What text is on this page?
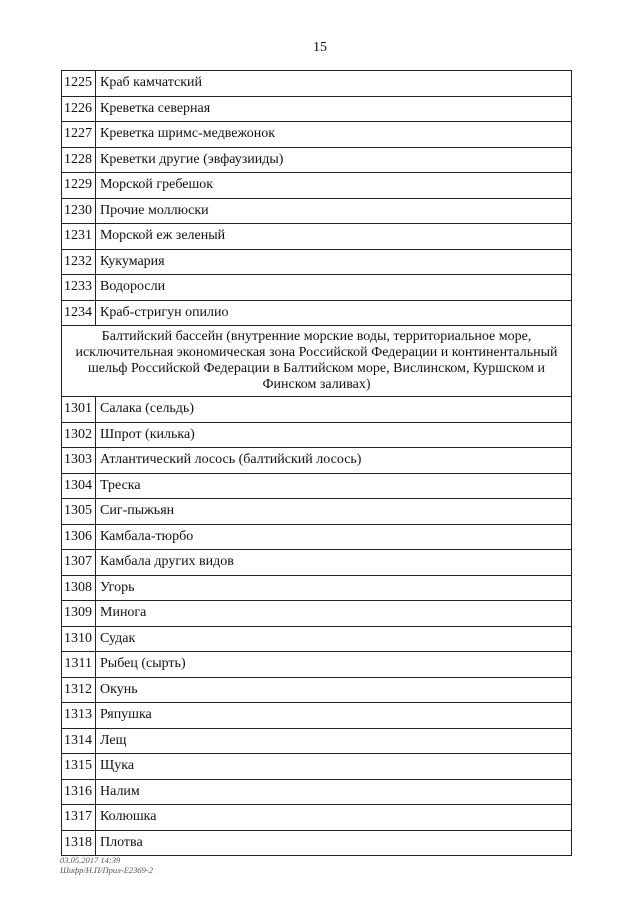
15
1225	Краб камчатский
1226	Креветка северная
1227	Креветка шримс-медвежонок
1228	Креветки другие (эвфаузииды)
1229	Морской гребешок
1230	Прочие моллюски
1231	Морской еж зеленый
1232	Кукумария
1233	Водоросли
1234	Краб-стригун опилио
Балтийский бассейн (внутренние морские воды, территориальное море, исключительная экономическая зона Российской Федерации и континентальный шельф Российской Федерации в Балтийском море, Вислинском, Куршском и Финском заливах)	
1301	Салака (сельдь)
1302	Шпрот (килька)
1303	Атлантический лосось (балтийский лосось)
1304	Треска
1305	Сиг-пыжьян
1306	Камбала-тюрбо
1307	Камбала других видов
1308	Угорь
1309	Минога
1310	Судак
1311	Рыбец (сырть)
1312	Окунь
1313	Ряпушка
1314	Лещ
1315	Щука
1316	Налим
1317	Колюшка
1318	Плотва
03.05.2017 14:39
Шифр/Н.П/Прил-Е2369-2
